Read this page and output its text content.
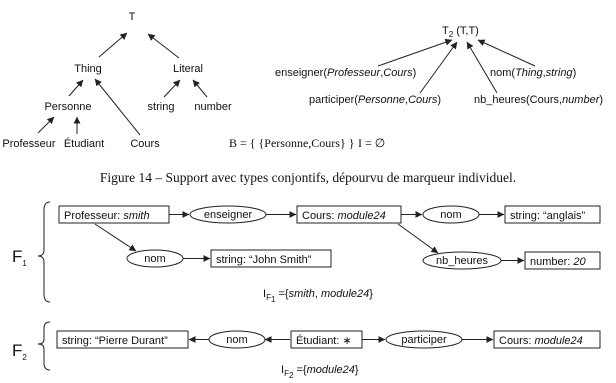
T
Thing	Literal
Personne	string number
Professeur Étudiant Cours	B = { {Personne,Cours} } I = ∅
$T_2$ (T,T)
enseigner(Professeur,Cours)	nom(Thing,string)
participer(Personne,Cours)	nb_heures(Cours,number)
Figure 14 – Support avec types conjontifs, dépourvu de marqueur individuel.
$F_1$
Professeur: smith	enseigner	Cours: module24	nom	string: “anglais”
nom	string: “John Smith”	nb_heures	number: 20
$I_F1$ ={smith, module24}
$F_2$
string: “Pierre Durant”	nom	Étudiant: ∗	participer	Cours: module24
$I_F2$ ={module24}
